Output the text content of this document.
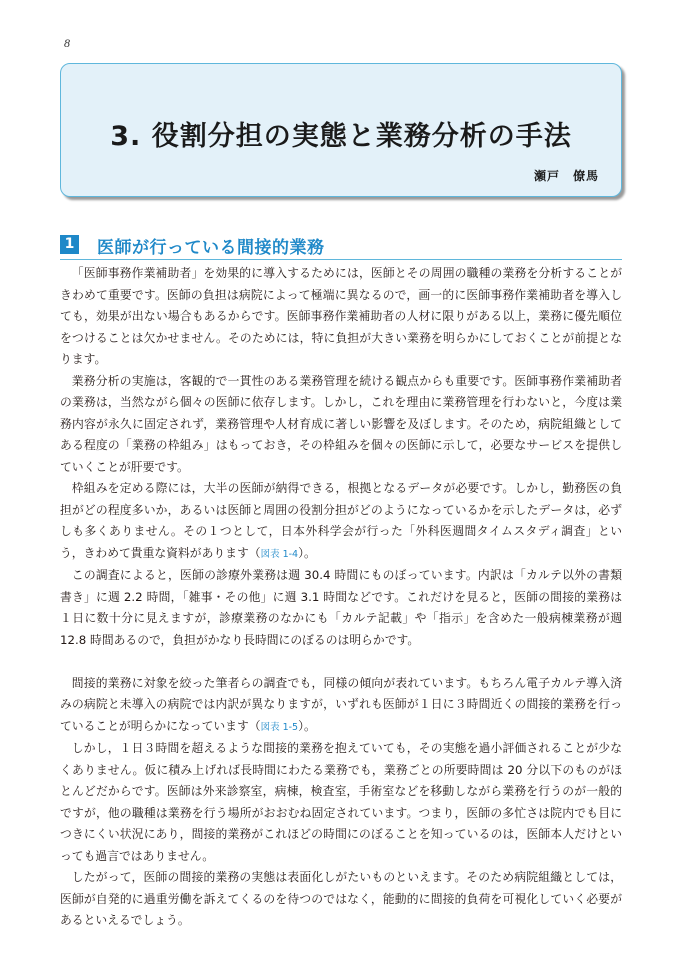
8
3. 役割分担の実態と業務分析の手法
瀬戸　僚馬
1 医師が行っている間接的業務

「医師事務作業補助者」を効果的に導入するためには，医師とその周囲の職種の業務を分析することがきわめて重要です。医師の負担は病院によって極端に異なるので，画一的に医師事務作業補助者を導入しても，効果が出ない場合もあるからです。医師事務作業補助者の人材に限りがある以上，業務に優先順位をつけることは欠かせません。そのためには，特に負担が大きい業務を明らかにしておくことが前提となります。

業務分析の実施は，客観的で一貫性のある業務管理を続ける観点からも重要です。医師事務作業補助者の業務は，当然ながら個々の医師に依存します。しかし，これを理由に業務管理を行わないと，今度は業務内容が永久に固定されず，業務管理や人材育成に著しい影響を及ぼします。そのため，病院組織としてある程度の「業務の枠組み」はもっておき，その枠組みを個々の医師に示して，必要なサービスを提供していくことが肝要です。

枠組みを定める際には，大半の医師が納得できる，根拠となるデータが必要です。しかし，勤務医の負担がどの程度多いか，あるいは医師と周囲の役割分担がどのようになっているかを示したデータは，必ずしも多くありません。その１つとして，日本外科学会が行った「外科医週間タイムスタディ調査」という，きわめて貴重な資料があります（図表 1-4）。

この調査によると，医師の診療外業務は週 30.4 時間にものぼっています。内訳は「カルテ以外の書類書き」に週 2.2 時間，「雑事・その他」に週 3.1 時間などです。これだけを見ると，医師の間接的業務は１日に数十分に見えますが，診療業務のなかにも「カルテ記載」や「指示」を含めた一般病棟業務が週 12.8 時間あるので，負担がかなり長時間にのぼるのは明らかです。

間接的業務に対象を絞った筆者らの調査でも，同様の傾向が表れています。もちろん電子カルテ導入済みの病院と未導入の病院では内訳が異なりますが，いずれも医師が１日に３時間近くの間接的業務を行っていることが明らかになっています（図表 1-5）。

しかし，１日３時間を超えるような間接的業務を抱えていても，その実態を過小評価されることが少なくありません。仮に積み上げれば長時間にわたる業務でも，業務ごとの所要時間は 20 分以下のものがほとんどだからです。医師は外来診察室，病棟，検査室，手術室などを移動しながら業務を行うのが一般的ですが，他の職種は業務を行う場所がおおむね固定されています。つまり，医師の多忙さは院内でも目につきにくい状況にあり，間接的業務がこれほどの時間にのぼることを知っているのは，医師本人だけといっても過言ではありません。

したがって，医師の間接的業務の実態は表面化しがたいものといえます。そのため病院組織としては，医師が自発的に過重労働を訴えてくるのを待つのではなく，能動的に間接的負荷を可視化していく必要があるといえるでしょう。
